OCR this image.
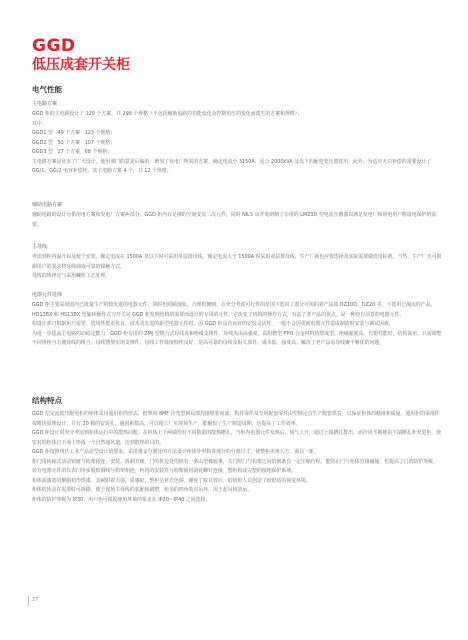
GGD
低压成套开关柜
电气性能
主电路方案

GGD 柜的主电路设计了 129 个方案，共 298 个规格（不包括辅助电路的功能变化及控制电压的变化而派生的方案和规格）；
其中：
GGD1 型   49 个方案   123 个规格；
GGD2 型   53 个方案   107 个规格；
GGD3 型   27 个方案   68 个规格；
主电路方案是征求了广大设计、使用部门的意见后编的，增加了发电厂所需的方案。确定电流至 3150A，适合 2000kVA 及以下的配电变压器选用。此外，为适应无功补偿的需要设计了 GG/1、GG/2 电容补偿柜，其主电路方案 4 个，共 12 个规格。

辅助电路方案

辅助电路的设计分供用电方案和发电厂方案两部分，GGD 柜内有足够的空间安装二次元件，同时 NILS 出开发研制了专用的 LMZ3D 型电流互感器以满足发电厂和用电用户附设电保护的需要。

主母线

考虑到柜内温升以及便于安装，额定电流在 1500A 及以下时可采用单层排母线，额定电流大于 1500A 时采用双层排母线，生产厂商也应按选择及实际需要做选用标准，当然，生产厂也可根据用户的要求将母线调成可靠的接触方式。
母线的规律宜与采用螺栓工艺处理。

电器元件选择

GGD 柜主要采用国内已批量生产的较先进的电器元件，同时也照顾现状、合理机便则，在充分考虑可行性的范围下选用了部分可用的老产品如 DZ10D、DZ20 等，不选用已淘汰的产品。
HD13BX 和 HS13BX 型旋转操作式刀开关是 GGD 柜发明结构的需要而设计的专用的元件，它改变了机构的操作方式，有益了老产品的优点，是一种较有前景的电器元件。
如设计部门根据用户需要，选用性能更优良、技术更先进的新型电器元件时，因 GGD 柜具有良好的安装灵活性，一般不会因更新电器元件造成制造时安装与调试困难。
为进一步提高主电路的动稳定能力，GGD 柜专用的 ZMJ 型组合式母线夹和绝缘支撑件，母线夹由高强度、高阻燃型 PPO 合金材料热塑成型，绝缘强度高、自熄性能好，结构简单，只需调整不同规格与方便母线的组合。母线摆放实用支撑件，母线工作温度特性良好，是高可靠的母线及相关部件，成本低、强度高、解决了老产品易母线聚不够优的问题。

结构特点

GGD 型交流低压配电柜的柜体采用通用柜的形式，框架用 8MF 冷弯型钢局部焊接组装而成，构件零件及专用配套零件由型钢定点生产配套供货，以保证柜体的精度和质量。通用柜的零部件按模块原理设计，并有 20 模的安装孔，通用系数高，可以使工厂实现预生产，能缩短了生产制造周期，也提高了工作效率。
GGD 柜设计时充分考虑到柜体运行中的散热问题。在柜体上下两端均有不同数量的散热槽孔，当柜内电器元件发热后，热气上升，通过上端槽孔排出，而冷风不断地由下端槽孔补充进柜，使密封的柜体自下而上形成一个自然通风道，达到散热的目的。
GGD 柜按照现代工业产品造型设计的要求，采用黄金分割比的方法设计柜体外形和各部分的分割尺寸，使整柜美观大方，面目一新。
柜门用转轴式活动铰链与构架相连，安装、拆卸方便，门的折边处均嵌有一条山型橡胶条，关门时门与构架之间的嵌条有一定压缩行程，能防止门与柜体直接碰撞，也提高了门的防护等级。
装有电器元件的仪表门用多股软铜线与构架相连，柜内的安装件与构架间用滚花螺钉连接，整柜构成完整的接地保护系统。
柜体面漆选用聚脂桔形烘漆，其耐附着力强，质感好，整柜呈亚光色调，避免了眩目效应，给值班人员创造了较舒适的视觉环境。
柜体的顶盖在需要时可拆除，便于现场主母线的装配和调整，柜顶的四角装有吊环，用于起吊和装运。
柜体的防护等级为 IP30，用户也可根据使用环境的要求在 IP20～IP40 之间选择。

27
